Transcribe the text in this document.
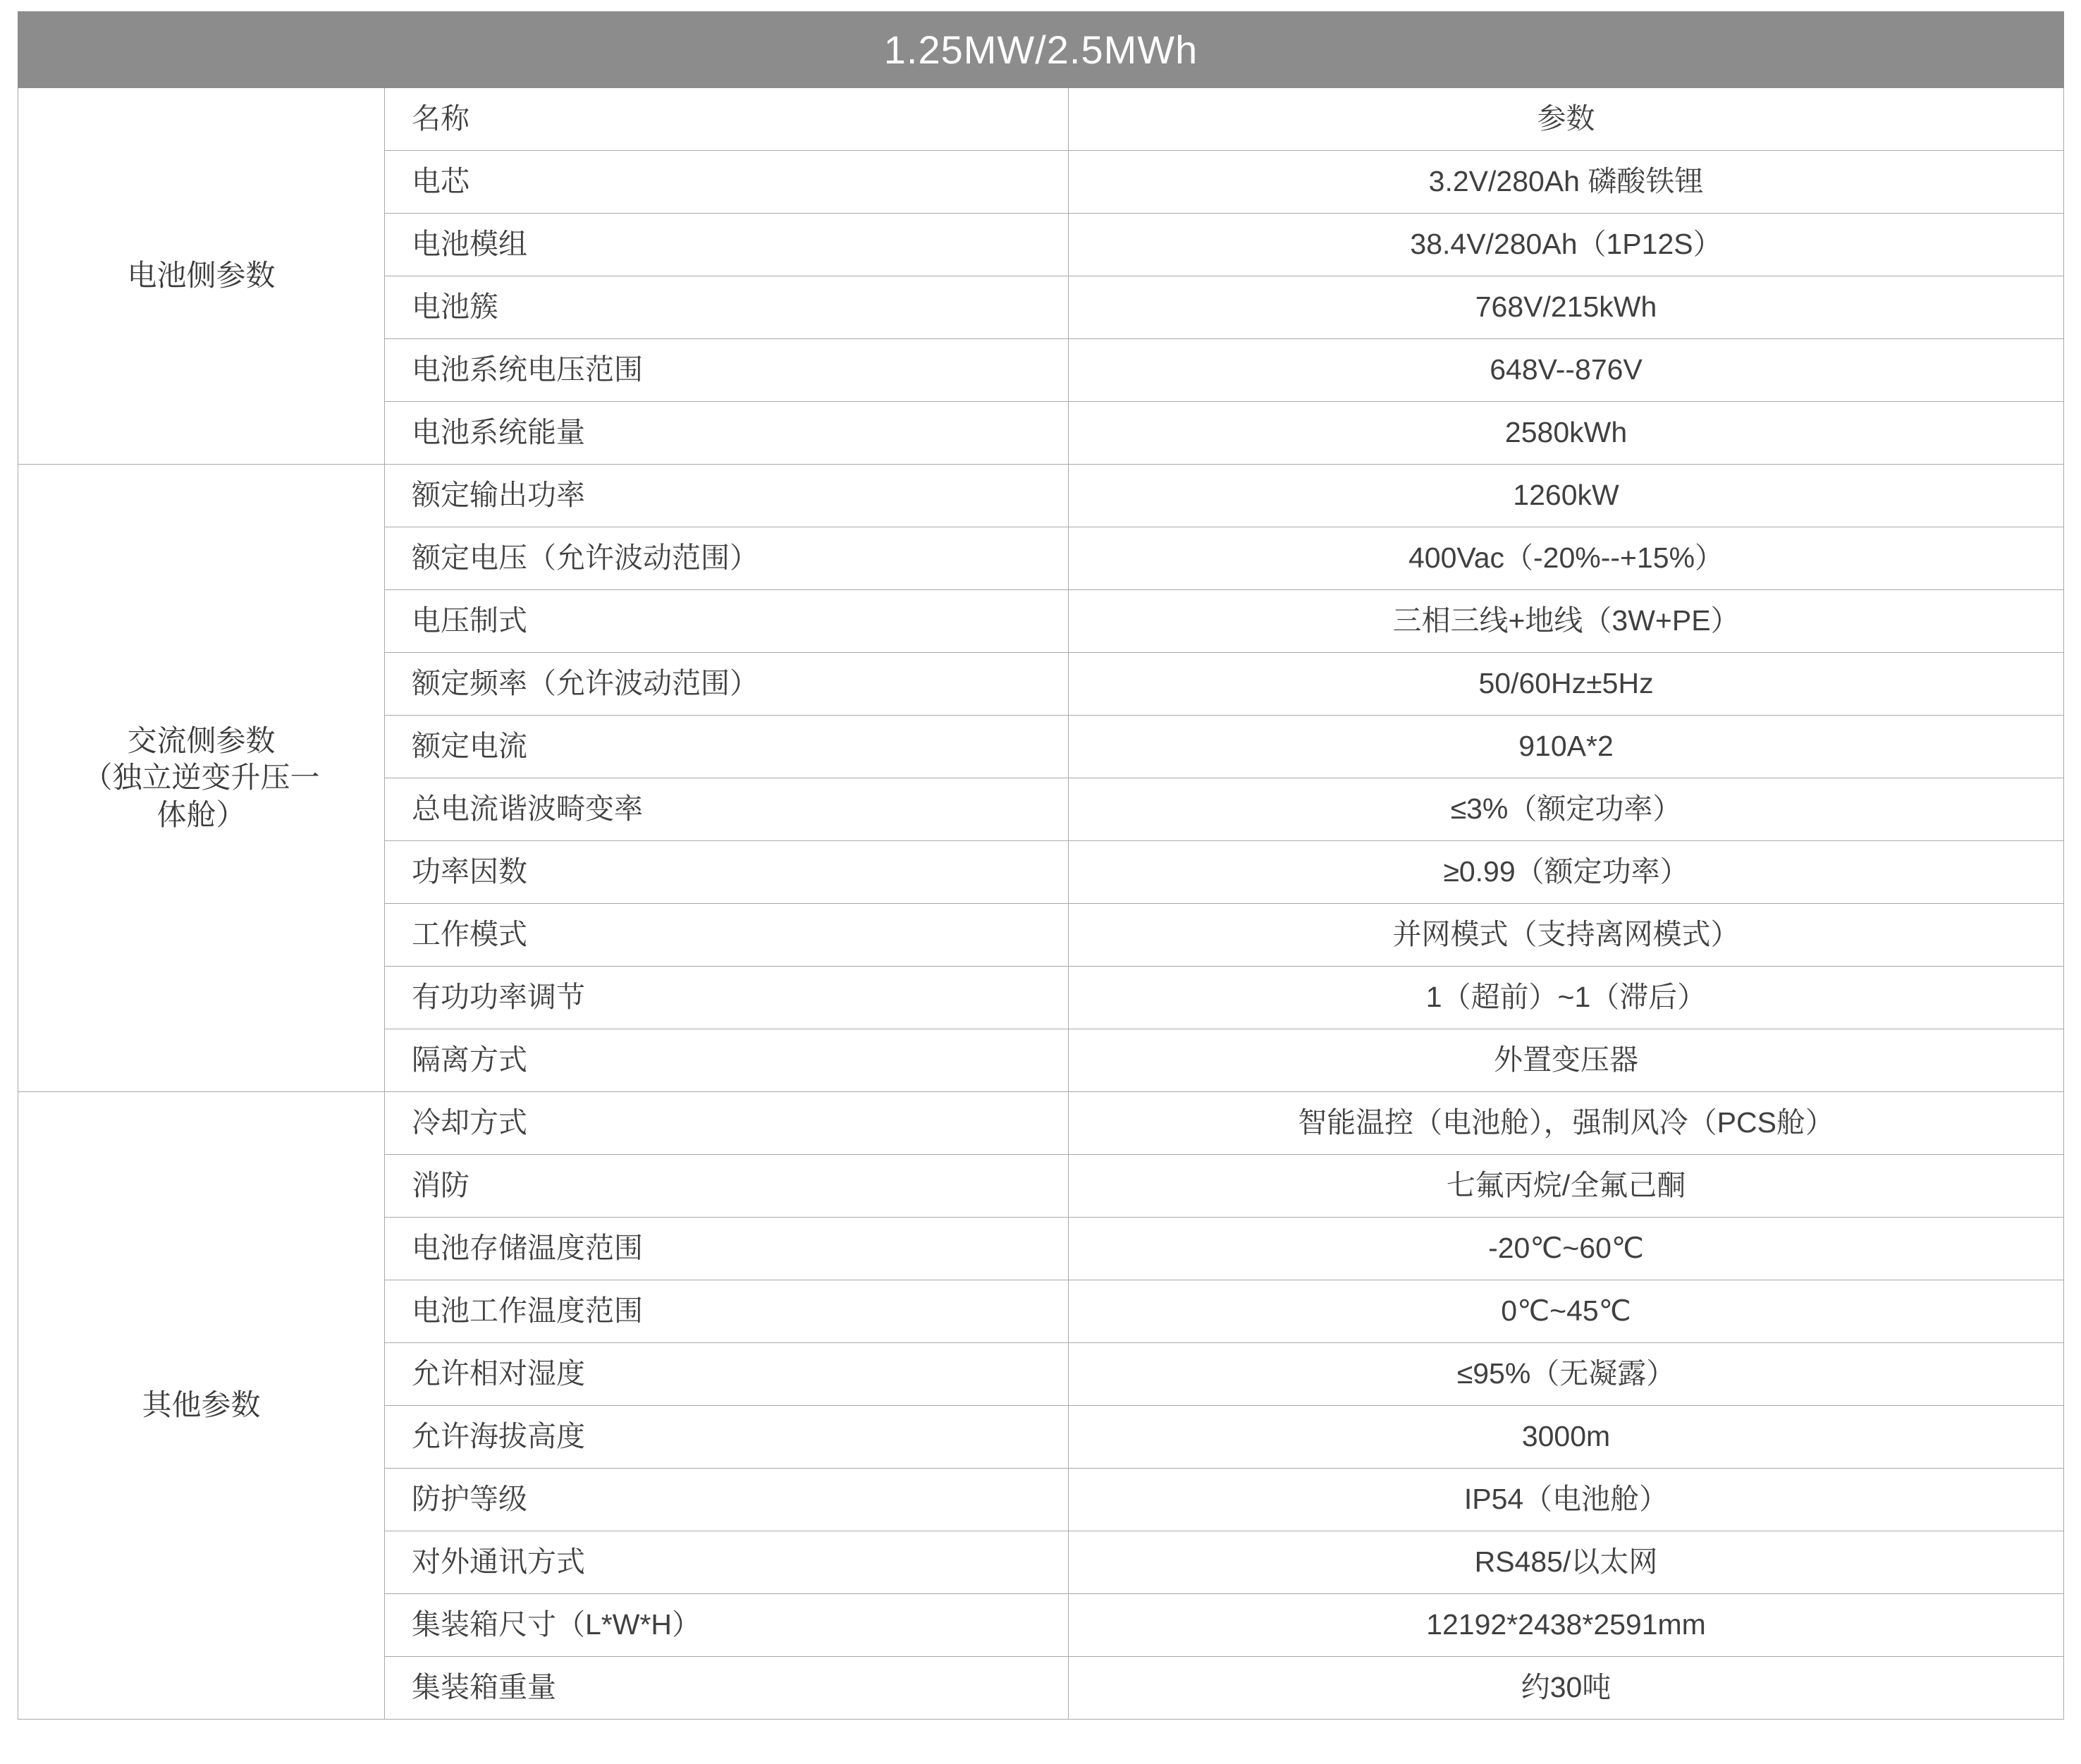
1.25MW/2.5MWh		
电池侧参数	名称	参数
	电芯	3.2V/280Ah 磷酸铁锂
	电池模组	38.4V/280Ah（1P12S）
	电池簇	768V/215kWh
	电池系统电压范围	648V--876V
	电池系统能量	2580kWh

交流侧参数
（独立逆变升压一
体舱）	额定输出功率	1260kW
	额定电压（允许波动范围）	400Vac（-20%--+15%）
	电压制式	三相三线+地线（3W+PE）
	额定频率（允许波动范围）	50/60Hz±5Hz
	额定电流	910A*2
	总电流谐波畸变率	≤3%（额定功率）
	功率因数	≥0.99（额定功率）
	工作模式	并网模式（支持离网模式）
	有功功率调节	1（超前）~1（滞后）
	隔离方式	外置变压器
其他参数	冷却方式	智能温控（电池舱），强制风冷（PCS舱）
	消防	七氟丙烷/全氟己酮
	电池存储温度范围	-20℃~60℃
	电池工作温度范围	0℃~45℃
	允许相对湿度	≤95%（无凝露）
	允许海拔高度	3000m
	防护等级	IP54（电池舱）
	对外通讯方式	RS485/以太网
	集装箱尺寸（L*W*H）	12192*2438*2591mm
	集装箱重量	约30吨
